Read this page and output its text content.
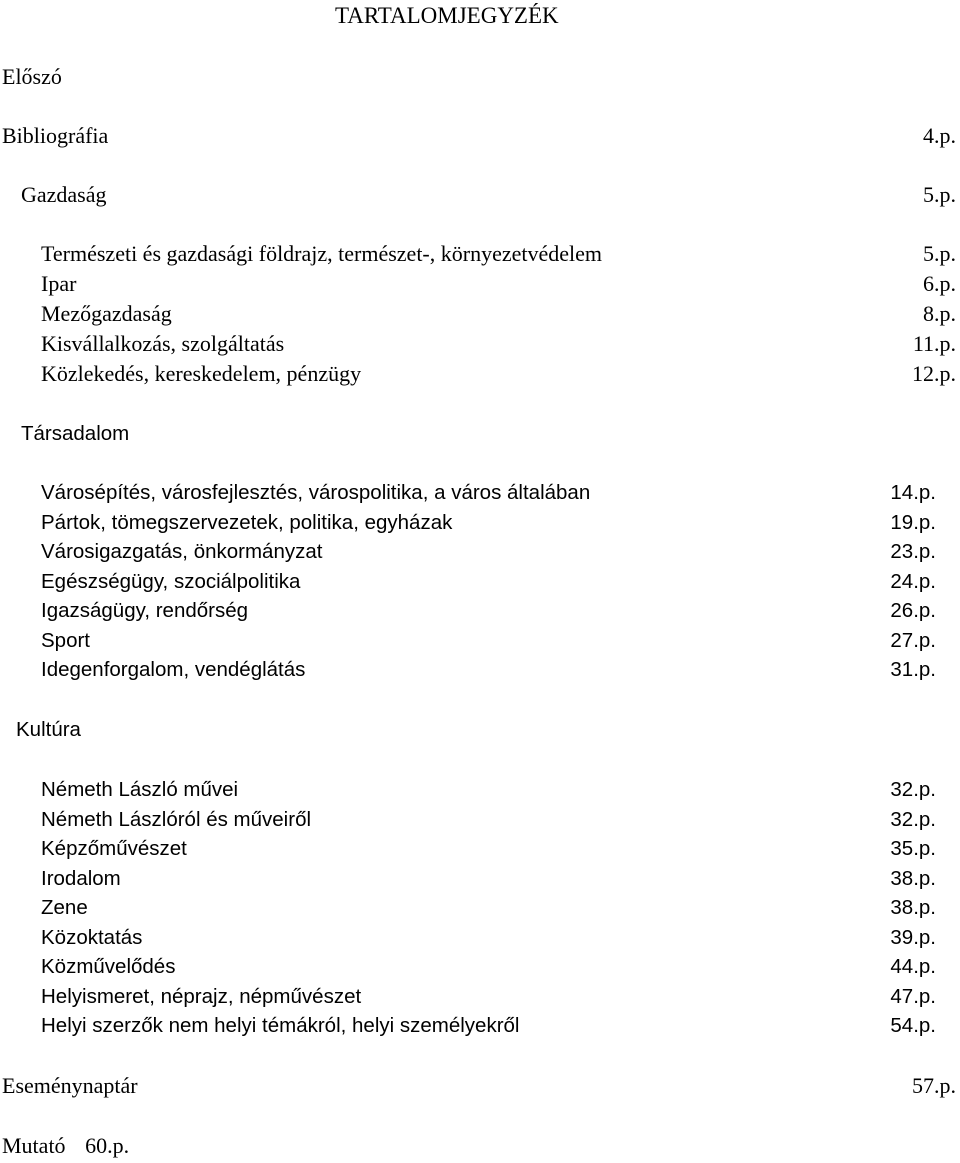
TARTALOMJEGYZÉK
Előszó
Bibliográfia	4.p.
Gazdaság	5.p.
Természeti és gazdasági földrajz, természet-, környezetvédelem	5.p.
Ipar	6.p.
Mezőgazdaság	8.p.
Kisvállalkozás, szolgáltatás	11.p.
Közlekedés, kereskedelem, pénzügy	12.p.
Társadalom
Városépítés, városfejlesztés, várospolitika, a város általában	14.p.
Pártok, tömegszervezetek, politika, egyházak	19.p.
Városigazgatás, önkormányzat	23.p.
Egészségügy, szociálpolitika	24.p.
Igazságügy, rendőrség	26.p.
Sport	27.p.
Idegenforgalom, vendéglátás	31.p.
Kultúra
Németh László művei	32.p.
Németh Lászlóról és műveiről	32.p.
Képzőművészet	35.p.
Irodalom	38.p.
Zene	38.p.
Közoktatás	39.p.
Közművelődés	44.p.
Helyismeret, néprajz, népművészet	47.p.
Helyi szerzők nem helyi témákról, helyi személyekről	54.p.
Eseménynaptár	57.p.
Mutató 60.p.
